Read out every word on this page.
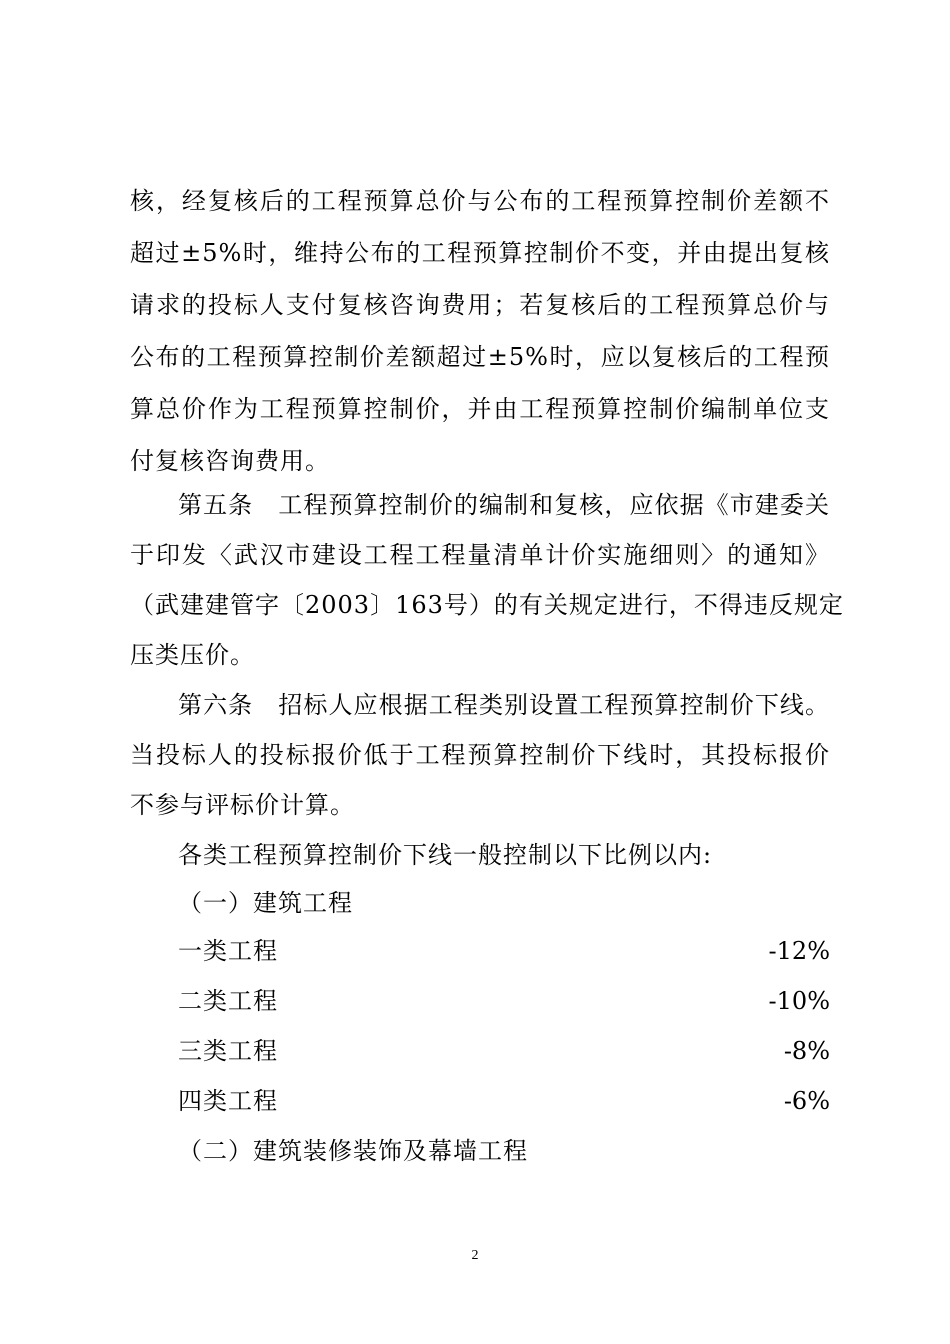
核，经复核后的工程预算总价与公布的工程预算控制价差额不
超过±5%时，维持公布的工程预算控制价不变，并由提出复核
请求的投标人支付复核咨询费用；若复核后的工程预算总价与
公布的工程预算控制价差额超过±5%时，应以复核后的工程预
算总价作为工程预算控制价，并由工程预算控制价编制单位支
付复核咨询费用。
第五条　工程预算控制价的编制和复核，应依据《市建委关
于印发〈武汉市建设工程工程量清单计价实施细则〉的通知》
（武建建管字〔2003〕163号）的有关规定进行，不得违反规定
压类压价。
第六条　招标人应根据工程类别设置工程预算控制价下线。
当投标人的投标报价低于工程预算控制价下线时，其投标报价
不参与评标价计算。
各类工程预算控制价下线一般控制以下比例以内:
（一）建筑工程
一类工程	-12%
二类工程	-10%
三类工程	-8%
四类工程	-6%
（二）建筑装修装饰及幕墙工程
2
